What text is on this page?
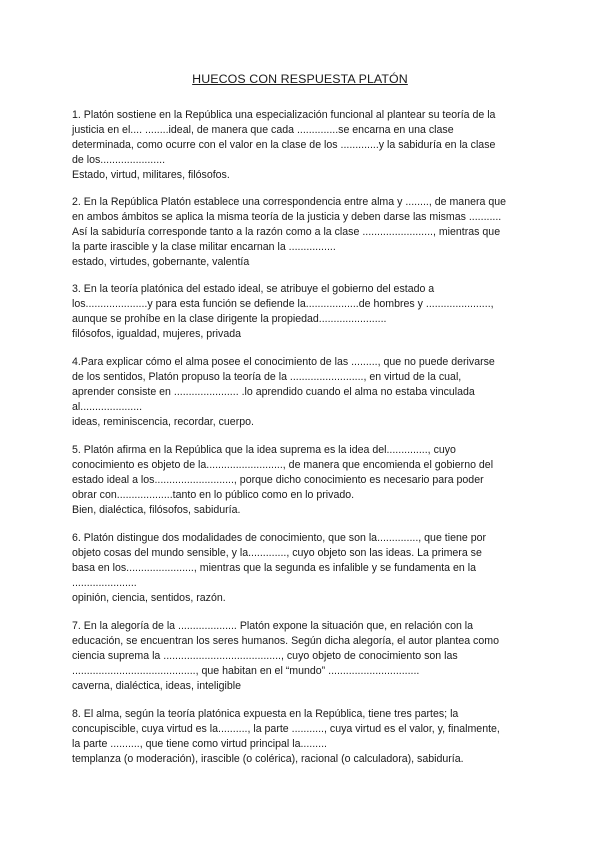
HUECOS CON RESPUESTA PLATÓN
1. Platón sostiene en la República una especialización funcional al plantear su teoría de la
justicia en el.... ........ideal, de manera que cada ..............se encarna en una clase
determinada, como ocurre con el valor en la clase de los .............y la sabiduría en la clase
de los......................
Estado, virtud, militares, filósofos.
2. En la República Platón establece una correspondencia entre alma y ........, de manera que
en ambos ámbitos se aplica la misma teoría de la justicia y deben darse las mismas ...........
Así la sabiduría corresponde tanto a la razón como a la clase ........................, mientras que
la parte irascible y la clase militar encarnan la ................
estado, virtudes, gobernante, valentía
3. En la teoría platónica del estado ideal, se atribuye el gobierno del estado a
los.....................y para esta función se defiende la..................de hombres y ......................,
aunque se prohíbe en la clase dirigente la propiedad.......................
filósofos, igualdad, mujeres, privada
4.Para explicar cómo el alma posee el conocimiento de las ........., que no puede derivarse
de los sentidos, Platón propuso la teoría de la ........................., en virtud de la cual,
aprender consiste en ...................... .lo aprendido cuando el alma no estaba vinculada
al.....................
ideas, reminiscencia, recordar, cuerpo.
5. Platón afirma en la República que la idea suprema es la idea del.............., cuyo
conocimiento es objeto de la.........................., de manera que encomienda el gobierno del
estado ideal a los..........................., porque dicho conocimiento es necesario para poder
obrar con...................tanto en lo público como en lo privado.
Bien, dialéctica, filósofos, sabiduría.
6. Platón distingue dos modalidades de conocimiento, que son la.............., que tiene por
objeto cosas del mundo sensible, y la............., cuyo objeto son las ideas. La primera se
basa en los......................., mientras que la segunda es infalible y se fundamenta en la
......................
opinión, ciencia, sentidos, razón.
7. En la alegoría de la .................... Platón expone la situación que, en relación con la
educación, se encuentran los seres humanos. Según dicha alegoría, el autor plantea como
ciencia suprema la ........................................, cuyo objeto de conocimiento son las
.........................................., que habitan en el “mundo” ...............................
caverna, dialéctica, ideas, inteligible
8. El alma, según la teoría platónica expuesta en la República, tiene tres partes; la
concupiscible, cuya virtud es la.........., la parte ..........., cuya virtud es el valor, y, finalmente,
la parte .........., que tiene como virtud principal la.........
templanza (o moderación), irascible (o colérica), racional (o calculadora), sabiduría.
